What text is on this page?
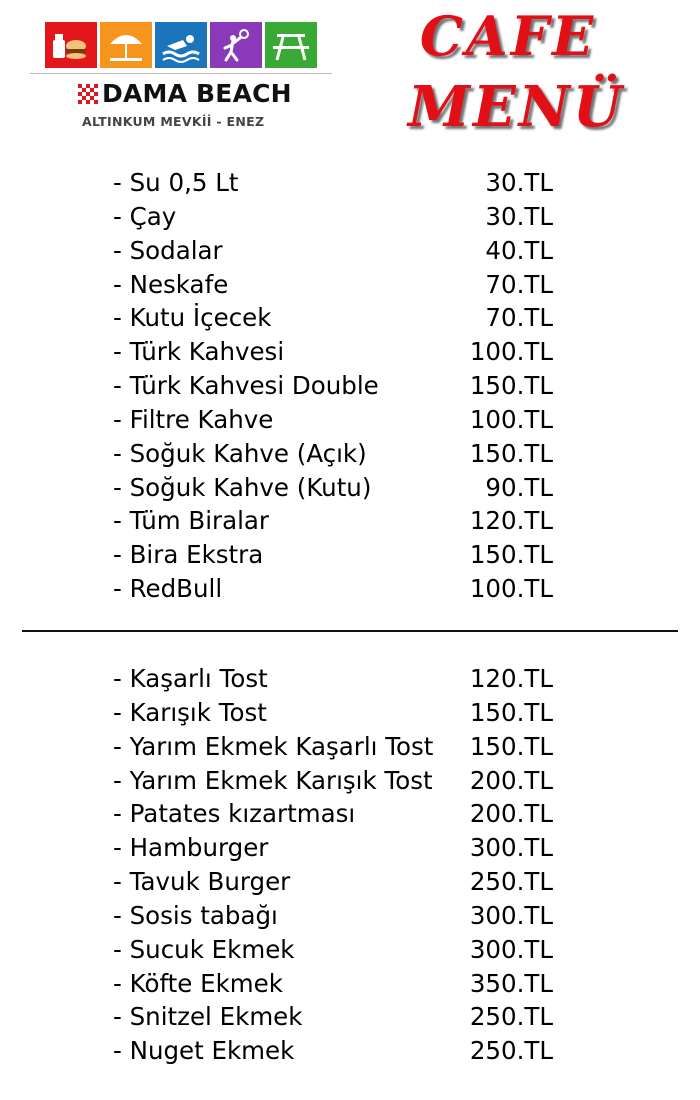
DAMA BEACH
ALTINKUM MEVKİİ - ENEZ
CAFE
MENÜ
- Su 0,5 Lt	30.TL
- Çay	30.TL
- Sodalar	40.TL
- Neskafe	70.TL
- Kutu İçecek	70.TL
- Türk Kahvesi	100.TL
- Türk Kahvesi Double	150.TL
- Filtre Kahve	100.TL
- Soğuk Kahve (Açık)	150.TL
- Soğuk Kahve (Kutu)	90.TL
- Tüm Biralar	120.TL
- Bira Ekstra	150.TL
- RedBull	100.TL
- Kaşarlı Tost	120.TL
- Karışık Tost	150.TL
- Yarım Ekmek Kaşarlı Tost 150.TL
- Yarım Ekmek Karışık Tost 200.TL
- Patates kızartması	200.TL
- Hamburger	300.TL
- Tavuk Burger	250.TL
- Sosis tabağı	300.TL
- Sucuk Ekmek	300.TL
- Köfte Ekmek	350.TL
- Snitzel Ekmek	250.TL
- Nuget Ekmek	250.TL
